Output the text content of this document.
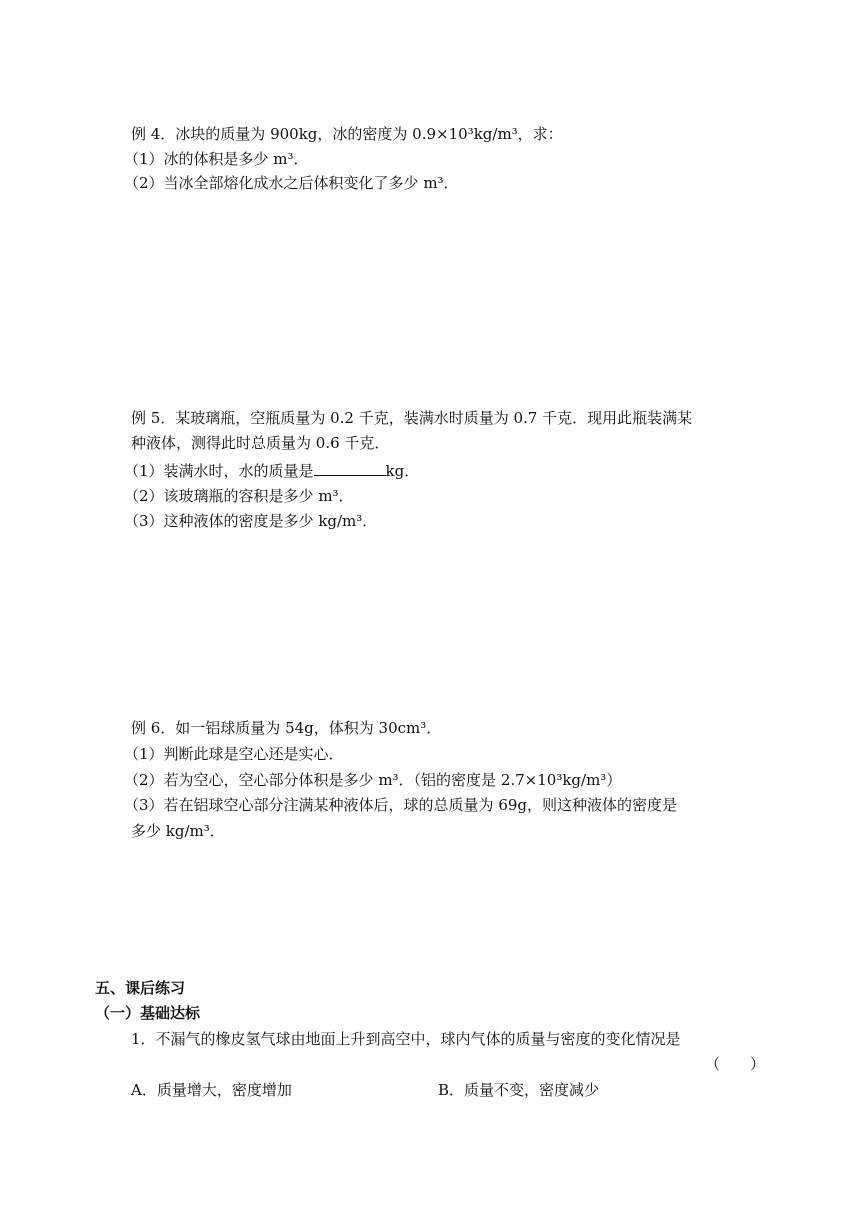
例 4．冰块的质量为 900kg，冰的密度为 0.9×10³kg/m³，求：
（1）冰的体积是多少 m³．
（2）当冰全部熔化成水之后体积变化了多少 m³．
例 5．某玻璃瓶，空瓶质量为 0.2 千克，装满水时质量为 0.7 千克．现用此瓶装满某
种液体，测得此时总质量为 0.6 千克．
（1）装满水时，水的质量是	kg．
（2）该玻璃瓶的容积是多少 m³．
（3）这种液体的密度是多少 kg/m³．
例 6．如一铝球质量为 54g，体积为 30cm³．
（1）判断此球是空心还是实心．
（2）若为空心，空心部分体积是多少 m³．（铝的密度是 2.7×10³kg/m³）
（3）若在铝球空心部分注满某种液体后，球的总质量为 69g，则这种液体的密度是
多少 kg/m³．
五、课后练习
（一）基础达标
1．不漏气的橡皮氢气球由地面上升到高空中，球内气体的质量与密度的变化情况是
（　　）
A．质量增大，密度增加	B．质量不变，密度减少
